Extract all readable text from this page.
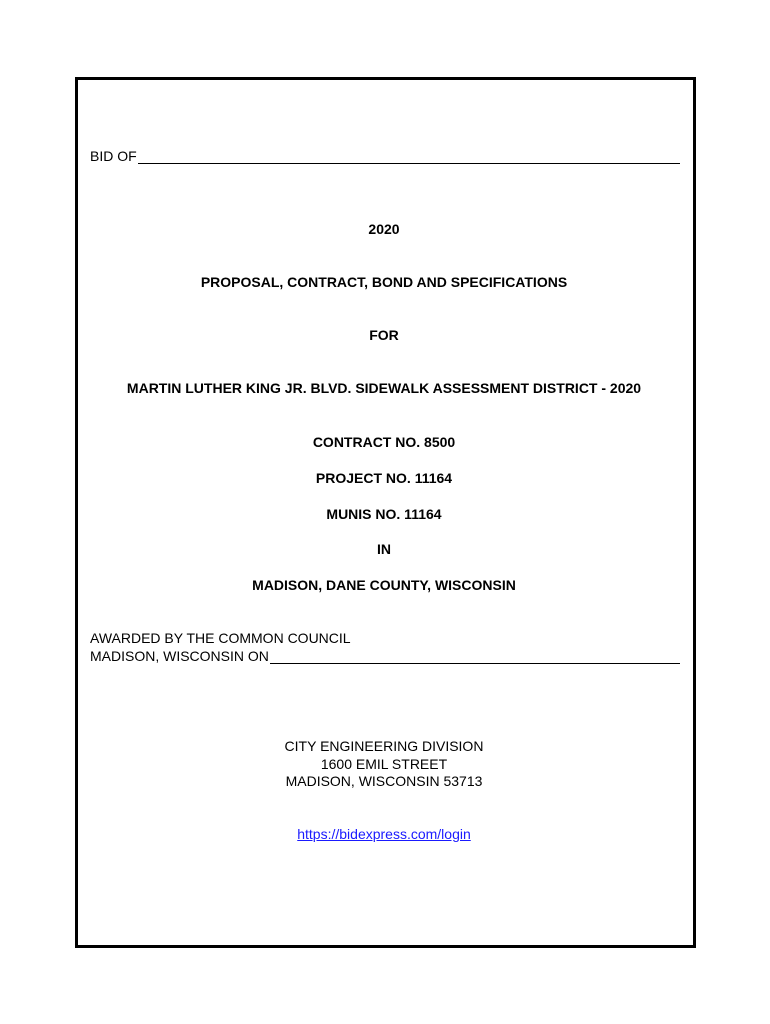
BID OF
2020
PROPOSAL, CONTRACT, BOND AND SPECIFICATIONS
FOR
MARTIN LUTHER KING JR. BLVD. SIDEWALK ASSESSMENT DISTRICT - 2020
CONTRACT NO. 8500
PROJECT NO. 11164
MUNIS NO. 11164
IN
MADISON, DANE COUNTY, WISCONSIN
AWARDED BY THE COMMON COUNCIL
MADISON, WISCONSIN ON
CITY ENGINEERING DIVISION
1600 EMIL STREET
MADISON, WISCONSIN 53713
https://bidexpress.com/login
